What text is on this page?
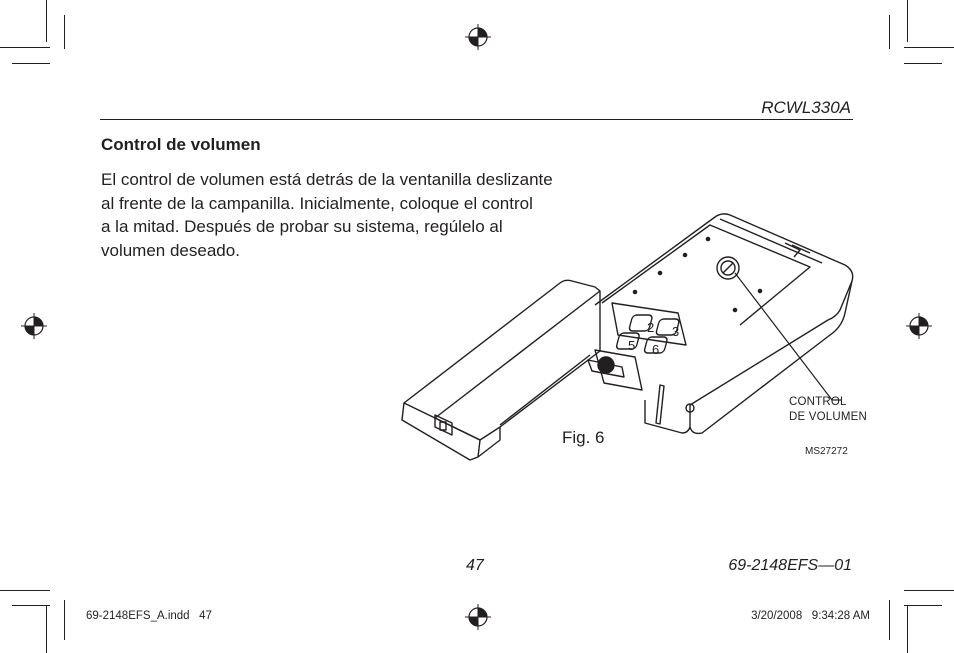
RCWL330A
Control de volumen
El control de volumen está detrás de la ventanilla deslizante
al frente de la campanilla. Inicialmente, coloque el control
a la mitad. Después de probar su sistema, regúlelo al
volumen deseado.
2 3
5 6
CONTROL
DE VOLUMEN
Fig. 6
MS27272
47	69-2148EFS—01
69-2148EFS_A.indd   47	3/20/2008   9:34:28 AM
